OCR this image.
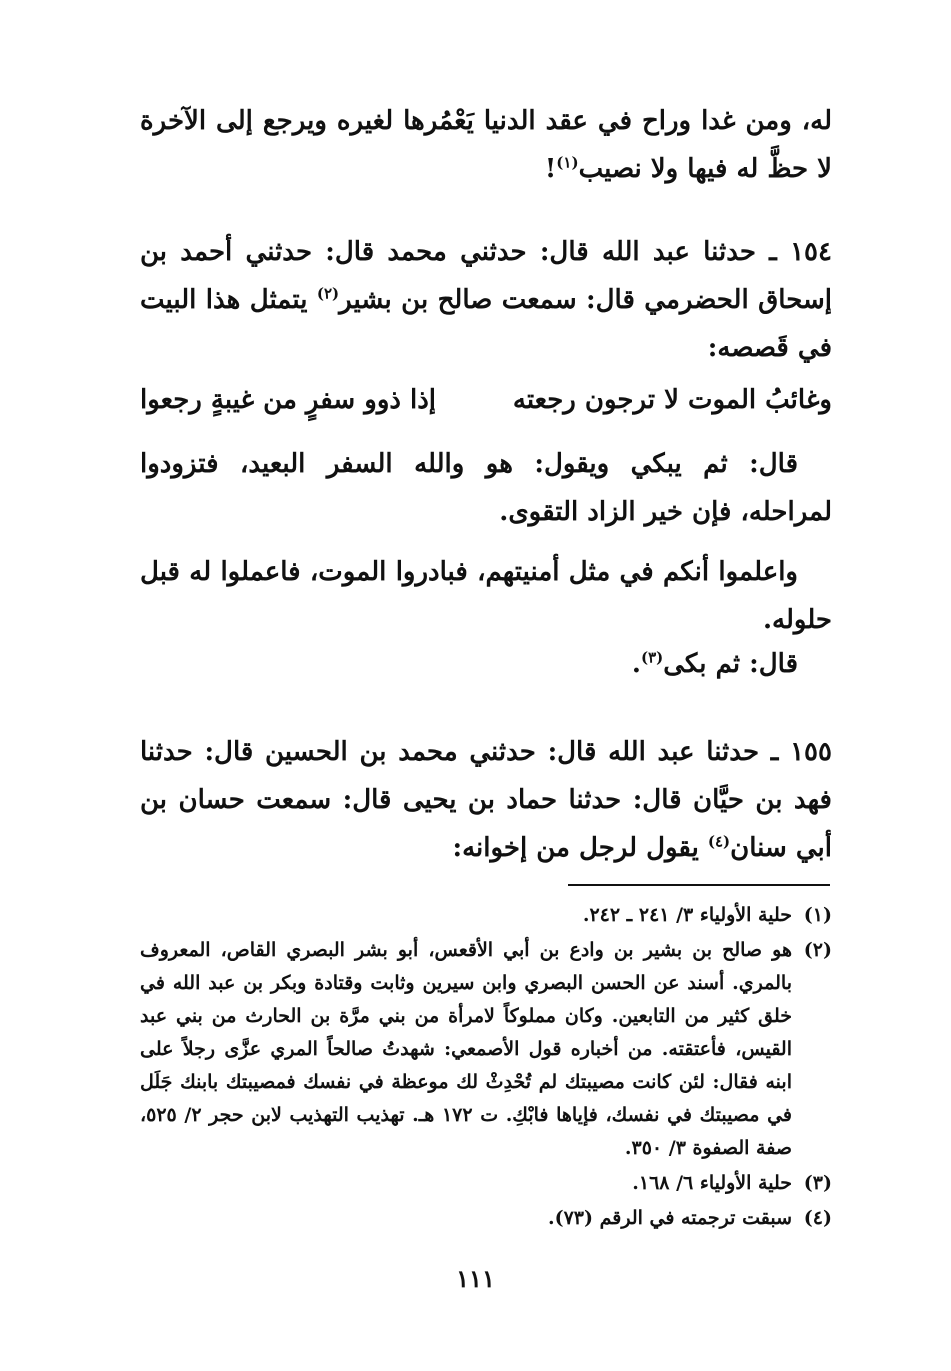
له، ومن غدا وراح في عقد الدنيا يَعْمُرها لغيره ويرجع إلى الآخرة لا حظَّ له فيها ولا نصيب$^{(١)}$!
١٥٤ ـ حدثنا عبد الله قال: حدثني محمد قال: حدثني أحمد بن إسحاق الحضرمي قال: سمعت صالح بن بشير$^{(٢)}$ يتمثل هذا البيت في قَصصه:
وغائبُ الموت لا ترجون رجعته
إذا ذوو سفرٍ من غيبةٍ رجعوا
قال: ثم يبكي ويقول: هو والله السفر البعيد، فتزودوا لمراحله، فإن خير الزاد التقوى.
واعلموا أنكم في مثل أمنيتهم، فبادروا الموت، فاعملوا له قبل حلوله.
قال: ثم بكى$^{(٣)}$.
١٥٥ ـ حدثنا عبد الله قال: حدثني محمد بن الحسين قال: حدثنا فهد بن حيَّان قال: حدثنا حماد بن يحيى قال: سمعت حسان بن أبي سنان$^{(٤)}$ يقول لرجل من إخوانه:
(١)
حلية الأولياء ٣/ ٢٤١ ـ ٢٤٢.
(٢)
هو صالح بن بشير بن وادع بن أبي الأقعس، أبو بشر البصري القاص، المعروف بالمري. أسند عن الحسن البصري وابن سيرين وثابت وقتادة وبكر بن عبد الله في خلق كثير من التابعين. وكان مملوكاً لامرأة من بني مرَّة بن الحارث من بني عبد القيس، فأعتقته. من أخباره قول الأصمعي: شهدتُ صالحاً المري عزَّى رجلاً على ابنه فقال: لئن كانت مصيبتك لم تُحْدِثْ لك موعظة في نفسك فمصيبتك بابنك جَلَل في مصيبتك في نفسك، فإياها فابْكِ. ت ١٧٢ هـ. تهذيب التهذيب لابن حجر ٢/ ٥٢٥، صفة الصفوة ٣/ ٣٥٠.
(٣)
حلية الأولياء ٦/ ١٦٨.
(٤)
سبقت ترجمته في الرقم (٧٣).
١١١
